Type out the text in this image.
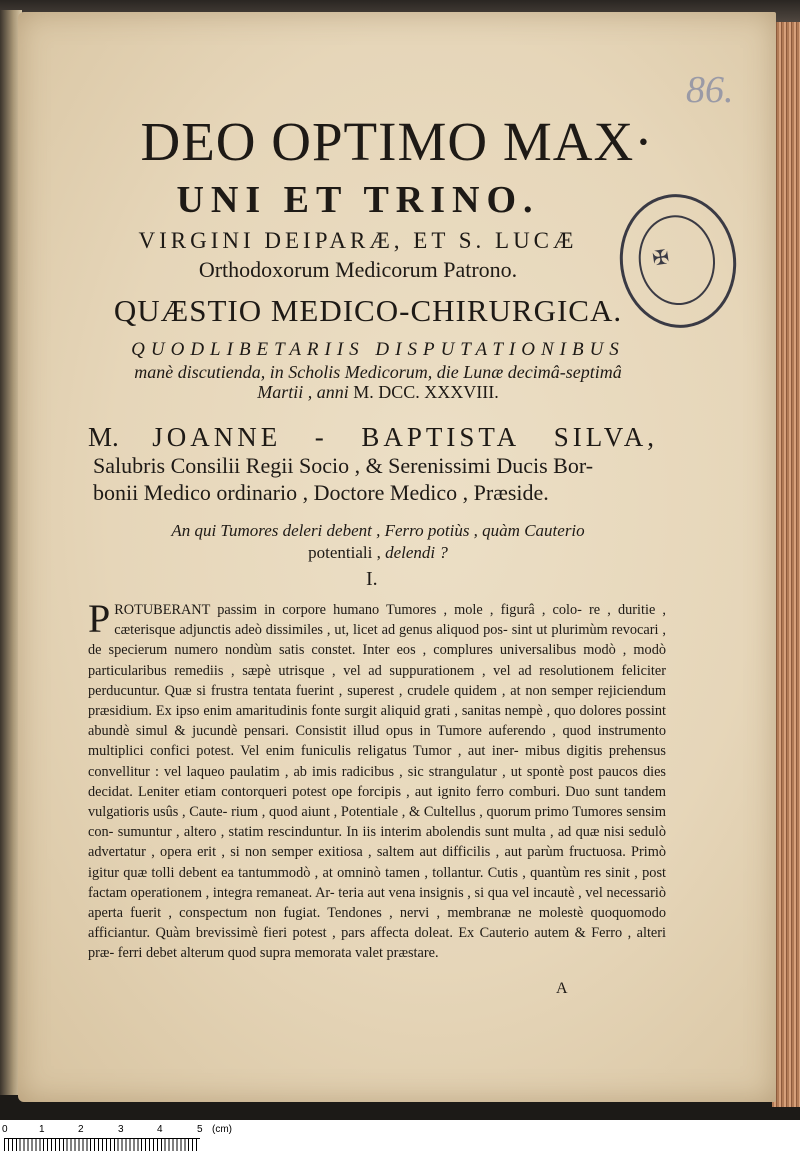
86.
DEO OPTIMO MAX·
UNI ET TRINO.
VIRGINI DEIPARÆ, ET S. LUCÆ
Orthodoxorum Medicorum Patrono.
QUÆSTIO MEDICO-CHIRURGICA.
QUODLIBETARIIS DISPUTATIONIBUS
manè discutienda, in Scholis Medicorum, die Lunæ decimâ-septimâ
Martii , anni M. DCC. XXXVIII.
M. JOANNE - BAPTISTA SILVA,
Salubris Consilii Regii Socio , & Serenissimi Ducis Bor-
bonii Medico ordinario , Doctore Medico , Præside.
An qui Tumores deleri debent , Ferro potiùs , quàm Cauterio
potentiali , delendi ?
I.
PROTUBERANT passim in corpore humano Tumores , mole , figurâ , colo- re , duritie , cæterisque adjunctis adeò dissimiles , ut, licet ad genus aliquod pos- sint ut plurimùm revocari , de specierum numero nondùm satis constet. Inter eos , complures universalibus modò , modò particularibus remediis , sæpè utrisque , vel ad suppurationem , vel ad resolutionem feliciter perducuntur. Quæ si frustra tentata fuerint , superest , crudele quidem , at non semper rejiciendum præsidium. Ex ipso enim amaritudinis fonte surgit aliquid grati , sanitas nempè , quo dolores possint abundè simul & jucundè pensari. Consistit illud opus in Tumore auferendo , quod instrumento multiplici confici potest. Vel enim funiculis religatus Tumor , aut iner- mibus digitis prehensus convellitur : vel laqueo paulatim , ab imis radicibus , sic strangulatur , ut spontè post paucos dies decidat. Leniter etiam contorqueri potest ope forcipis , aut ignito ferro comburi. Duo sunt tandem vulgatioris usûs , Caute- rium , quod aiunt , Potentiale , & Cultellus , quorum primo Tumores sensim con- sumuntur , altero , statim rescinduntur. In iis interim abolendis sunt multa , ad quæ nisi sedulò advertatur , opera erit , si non semper exitiosa , saltem aut difficilis , aut parùm fructuosa. Primò igitur quæ tolli debent ea tantummodò , at omninò tamen , tollantur. Cutis , quantùm res sinit , post factam operationem , integra remaneat. Ar- teria aut vena insignis , si qua vel incautè , vel necessariò aperta fuerit , conspectum non fugiat. Tendones , nervi , membranæ ne molestè quoquomodo afficiantur. Quàm brevissimè fieri potest , pars affecta doleat. Ex Cauterio autem & Ferro , alteri præ- ferri debet alterum quod supra memorata valet præstare.
A
✠
0	1	2	3	4	5 (cm)
